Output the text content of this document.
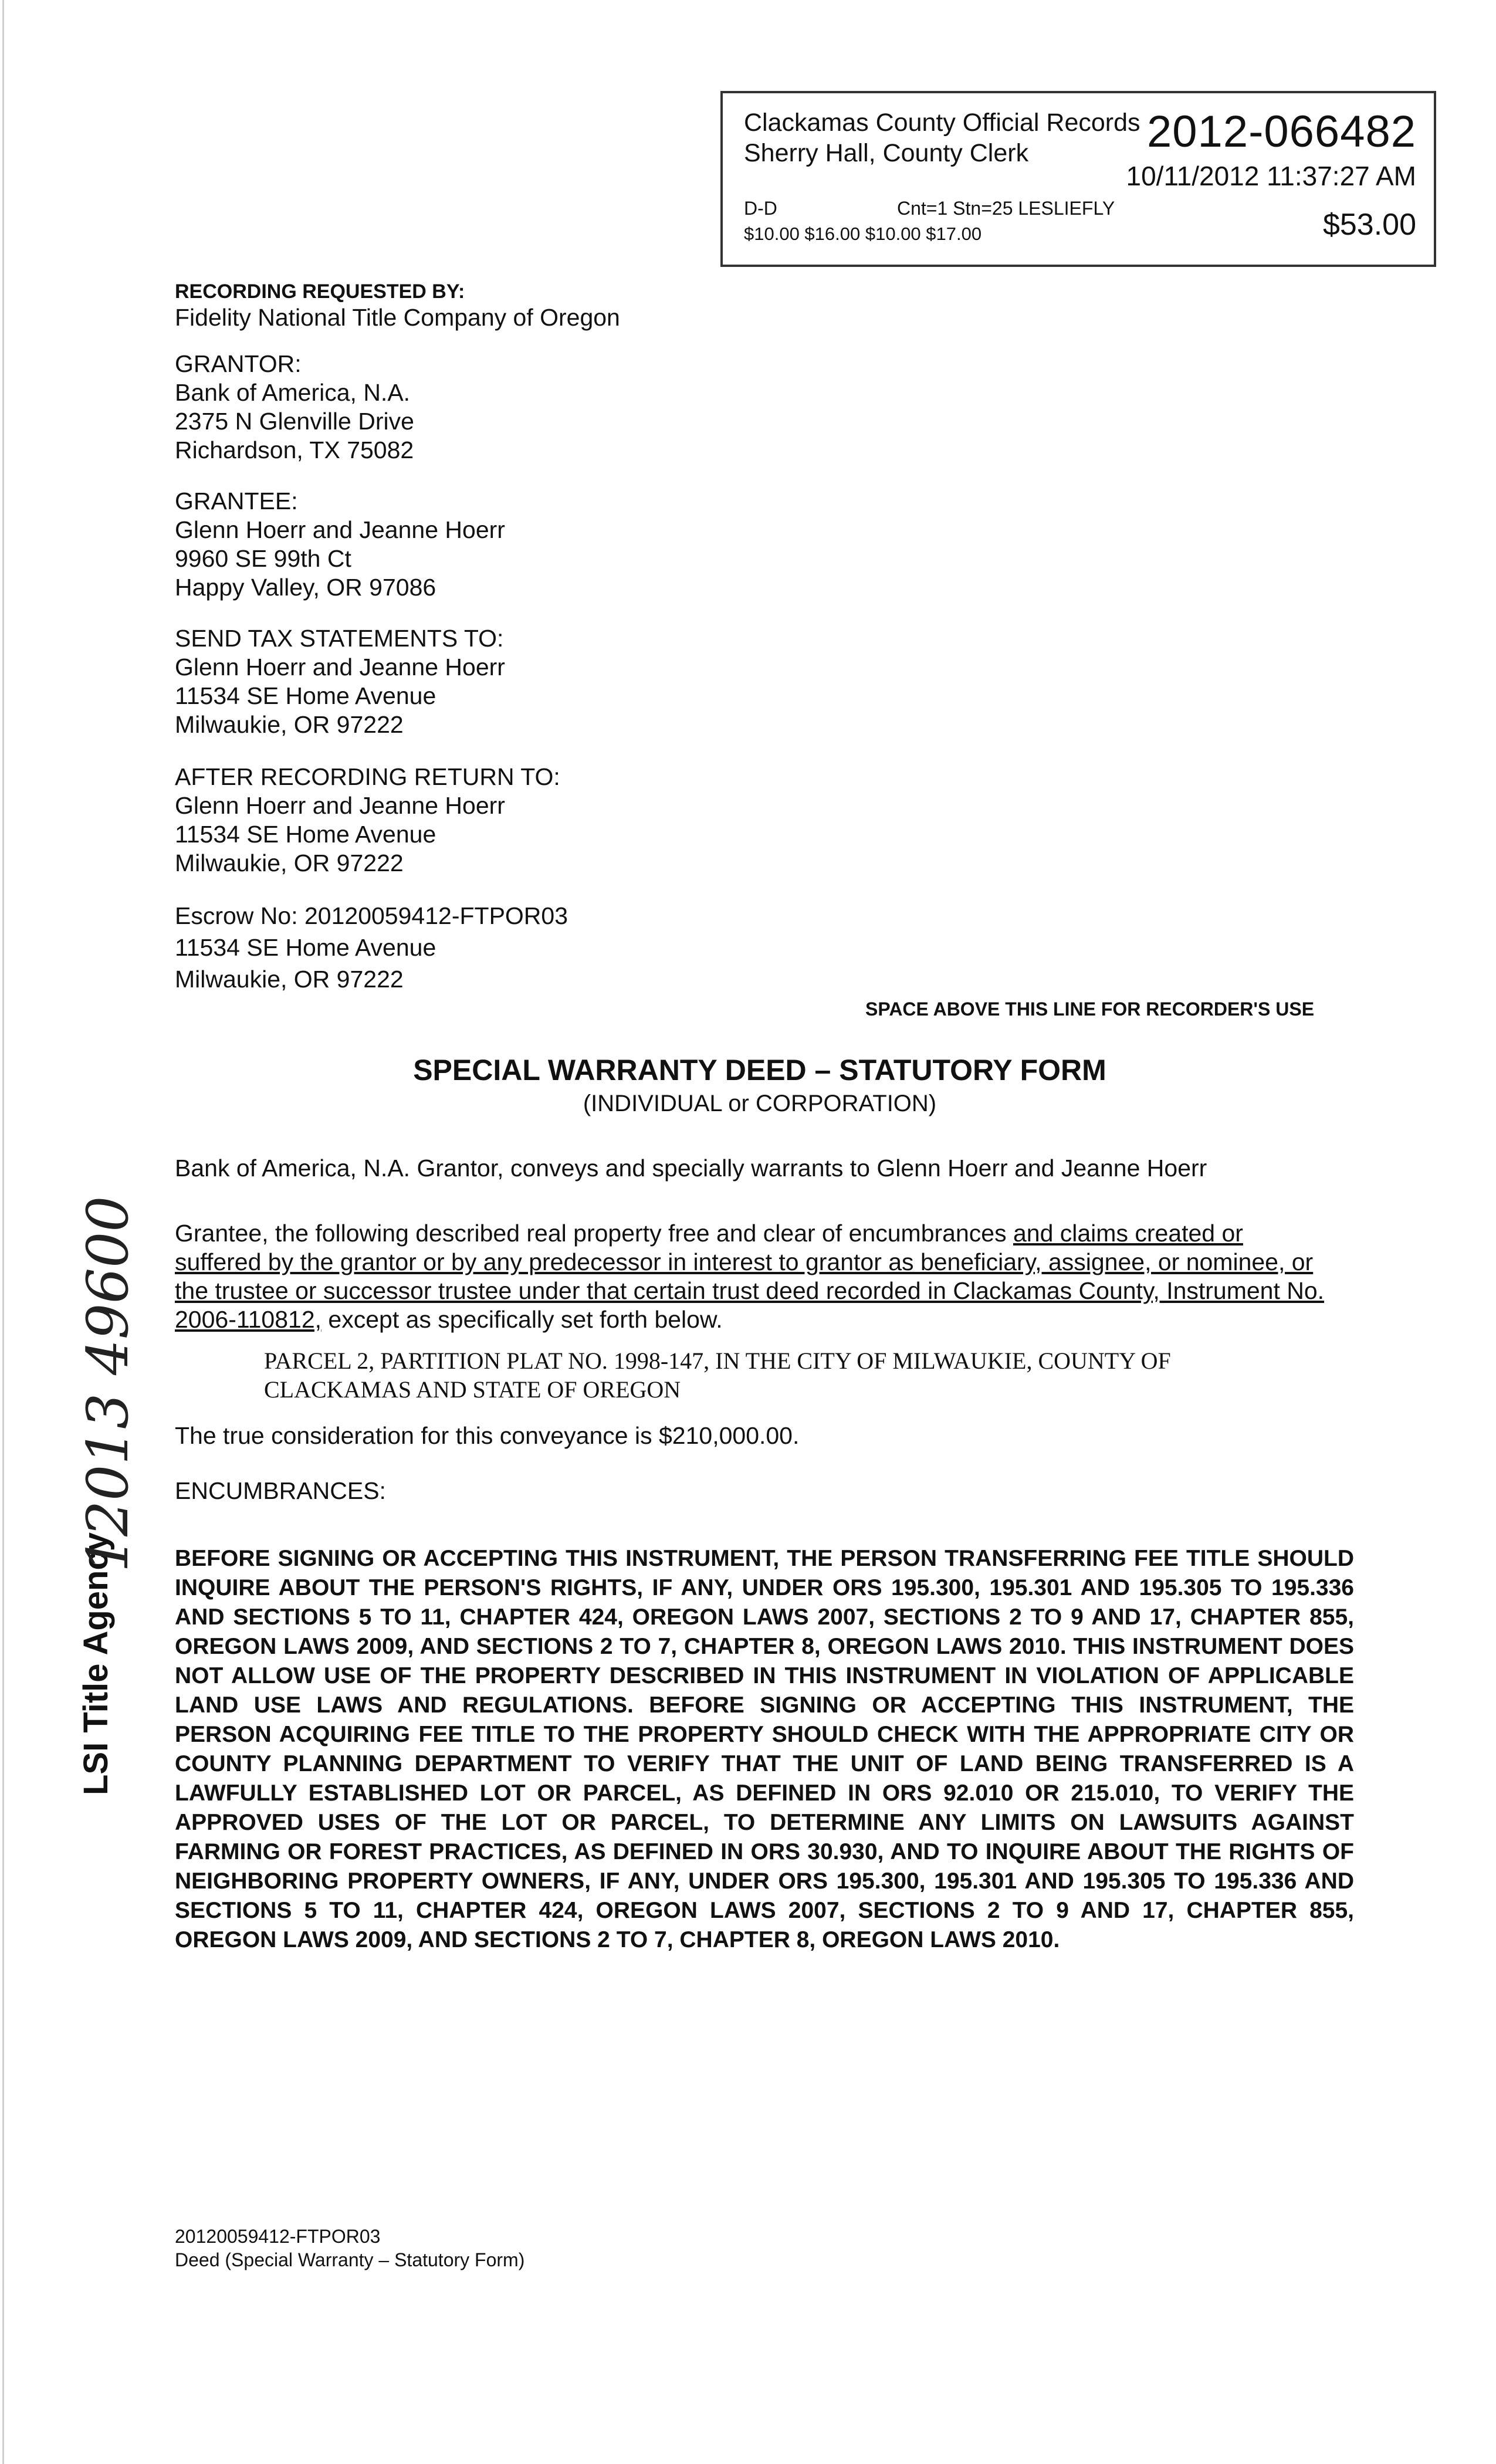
Clackamas County Official Records
Sherry Hall, County Clerk	2012-066482
10/11/2012 11:37:27 AM
D-D	Cnt=1 Stn=25 LESLIEFLY
$10.00 $16.00 $10.00 $17.00	$53.00
RECORDING REQUESTED BY:
Fidelity National Title Company of Oregon
GRANTOR:
Bank of America, N.A.
2375 N Glenville Drive
Richardson, TX 75082
GRANTEE:
Glenn Hoerr and Jeanne Hoerr
9960 SE 99th Ct
Happy Valley, OR 97086
SEND TAX STATEMENTS TO:
Glenn Hoerr and Jeanne Hoerr
11534 SE Home Avenue
Milwaukie, OR 97222
AFTER RECORDING RETURN TO:
Glenn Hoerr and Jeanne Hoerr
11534 SE Home Avenue
Milwaukie, OR 97222
Escrow No: 20120059412-FTPOR03
11534 SE Home Avenue
Milwaukie, OR 97222
SPACE ABOVE THIS LINE FOR RECORDER'S USE
SPECIAL WARRANTY DEED – STATUTORY FORM
(INDIVIDUAL or CORPORATION)
Bank of America, N.A. Grantor, conveys and specially warrants to Glenn Hoerr and Jeanne Hoerr
Grantee, the following described real property free and clear of encumbrances and claims created or suffered by the grantor or by any predecessor in interest to grantor as beneficiary, assignee, or nominee, or the trustee or successor trustee under that certain trust deed recorded in Clackamas County, Instrument No. 2006-110812, except as specifically set forth below.
PARCEL 2, PARTITION PLAT NO. 1998-147, IN THE CITY OF MILWAUKIE, COUNTY OF CLACKAMAS AND STATE OF OREGON
The true consideration for this conveyance is $210,000.00.
ENCUMBRANCES:
BEFORE SIGNING OR ACCEPTING THIS INSTRUMENT, THE PERSON TRANSFERRING FEE TITLE SHOULD INQUIRE ABOUT THE PERSON'S RIGHTS, IF ANY, UNDER ORS 195.300, 195.301 AND 195.305 TO 195.336 AND SECTIONS 5 TO 11, CHAPTER 424, OREGON LAWS 2007, SECTIONS 2 TO 9 AND 17, CHAPTER 855, OREGON LAWS 2009, AND SECTIONS 2 TO 7, CHAPTER 8, OREGON LAWS 2010. THIS INSTRUMENT DOES NOT ALLOW USE OF THE PROPERTY DESCRIBED IN THIS INSTRUMENT IN VIOLATION OF APPLICABLE LAND USE LAWS AND REGULATIONS. BEFORE SIGNING OR ACCEPTING THIS INSTRUMENT, THE PERSON ACQUIRING FEE TITLE TO THE PROPERTY SHOULD CHECK WITH THE APPROPRIATE CITY OR COUNTY PLANNING DEPARTMENT TO VERIFY THAT THE UNIT OF LAND BEING TRANSFERRED IS A LAWFULLY ESTABLISHED LOT OR PARCEL, AS DEFINED IN ORS 92.010 OR 215.010, TO VERIFY THE APPROVED USES OF THE LOT OR PARCEL, TO DETERMINE ANY LIMITS ON LAWSUITS AGAINST FARMING OR FOREST PRACTICES, AS DEFINED IN ORS 30.930, AND TO INQUIRE ABOUT THE RIGHTS OF NEIGHBORING PROPERTY OWNERS, IF ANY, UNDER ORS 195.300, 195.301 AND 195.305 TO 195.336 AND SECTIONS 5 TO 11, CHAPTER 424, OREGON LAWS 2007, SECTIONS 2 TO 9 AND 17, CHAPTER 855, OREGON LAWS 2009, AND SECTIONS 2 TO 7, CHAPTER 8, OREGON LAWS 2010.
20120059412-FTPOR03
Deed (Special Warranty – Statutory Form)
LSI Title Agency
12013 49600
